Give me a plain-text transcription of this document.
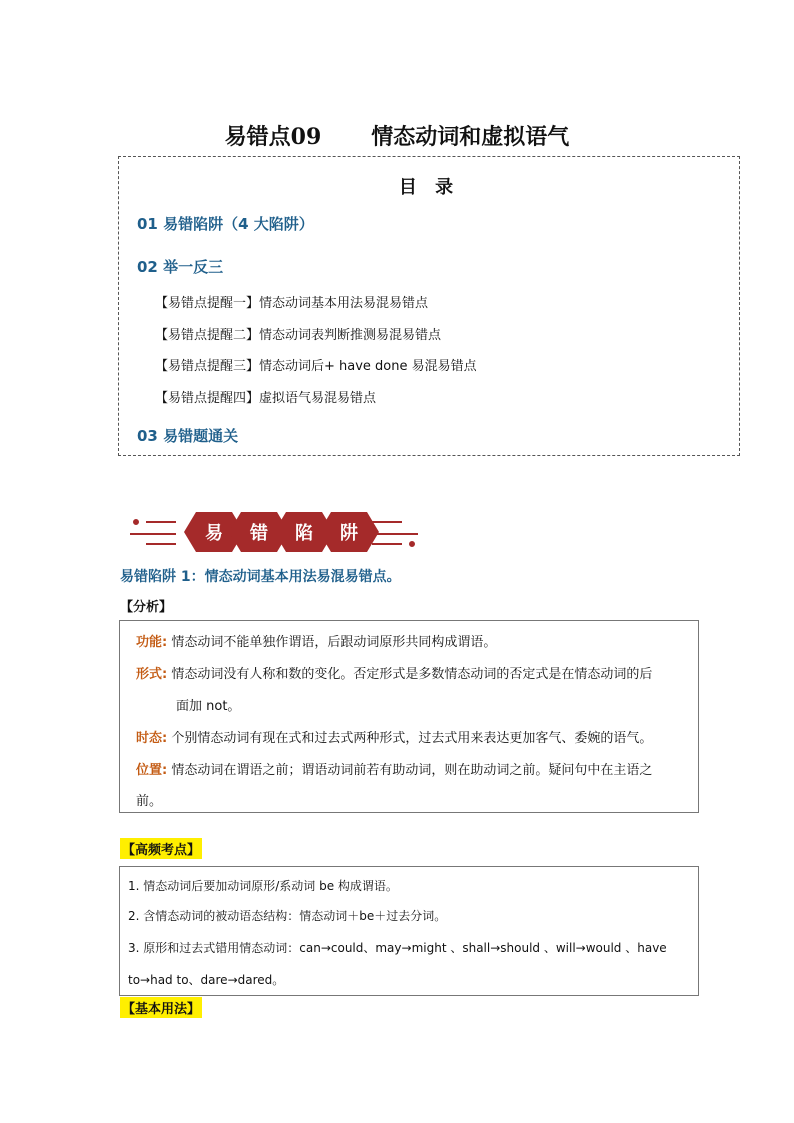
易错点09 情态动词和虚拟语气
目 录
01 易错陷阱（4 大陷阱）
02 举一反三
【易错点提醒一】情态动词基本用法易混易错点
【易错点提醒二】情态动词表判断推测易混易错点
【易错点提醒三】情态动词后+ have done 易混易错点
【易错点提醒四】虚拟语气易混易错点
03 易错题通关
易 错 陷 阱
易错陷阱 1：情态动词基本用法易混易错点。
【分析】
功能: 情态动词不能单独作谓语，后跟动词原形共同构成谓语。
形式: 情态动词没有人称和数的变化。否定形式是多数情态动词的否定式是在情态动词的后
面加 not。
时态: 个别情态动词有现在式和过去式两种形式，过去式用来表达更加客气、委婉的语气。
位置: 情态动词在谓语之前；谓语动词前若有助动词，则在助动词之前。疑问句中在主语之
前。
【高频考点】
1. 情态动词后要加动词原形/系动词 be 构成谓语。
2. 含情态动词的被动语态结构：情态动词＋be＋过去分词。
3. 原形和过去式错用情态动词：can→could、may→might 、shall→should 、will→would 、have
to→had to、dare→dared。
【基本用法】
